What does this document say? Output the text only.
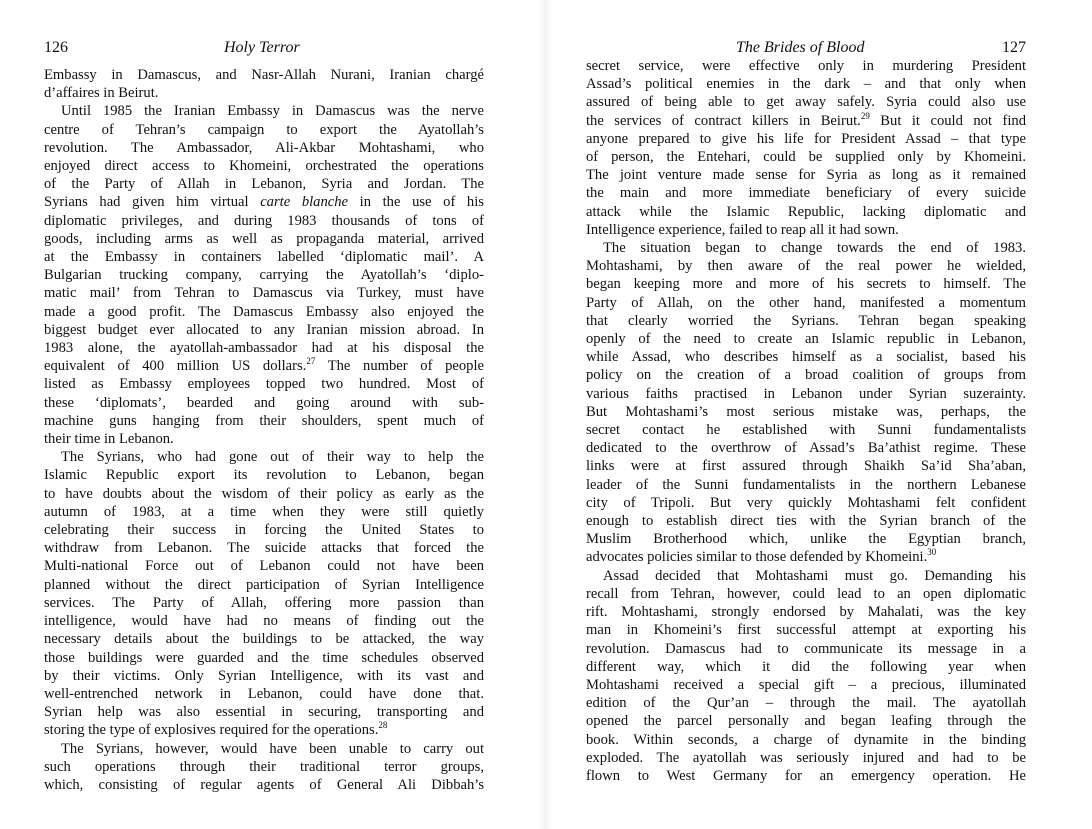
126	Holy Terror

Embassy in Damascus, and Nasr-Allah Nurani, Iranian chargé
d’affaires in Beirut.

Until 1985 the Iranian Embassy in Damascus was the nerve
centre of Tehran’s campaign to export the Ayatollah’s
revolution. The Ambassador, Ali-Akbar Mohtashami, who
enjoyed direct access to Khomeini, orchestrated the operations
of the Party of Allah in Lebanon, Syria and Jordan. The
Syrians had given him virtual carte blanche in the use of his
diplomatic privileges, and during 1983 thousands of tons of
goods, including arms as well as propaganda material, arrived
at the Embassy in containers labelled ‘diplomatic mail’. A
Bulgarian trucking company, carrying the Ayatollah’s ‘diplo-
matic mail’ from Tehran to Damascus via Turkey, must have
made a good profit. The Damascus Embassy also enjoyed the
biggest budget ever allocated to any Iranian mission abroad. In
1983 alone, the ayatollah-ambassador had at his disposal the
equivalent of 400 million US dollars.$^{27}$ The number of people
listed as Embassy employees topped two hundred. Most of
these ‘diplomats’, bearded and going around with sub-
machine guns hanging from their shoulders, spent much of
their time in Lebanon.

The Syrians, who had gone out of their way to help the
Islamic Republic export its revolution to Lebanon, began
to have doubts about the wisdom of their policy as early as the
autumn of 1983, at a time when they were still quietly
celebrating their success in forcing the United States to
withdraw from Lebanon. The suicide attacks that forced the
Multi-national Force out of Lebanon could not have been
planned without the direct participation of Syrian Intelligence
services. The Party of Allah, offering more passion than
intelligence, would have had no means of finding out the
necessary details about the buildings to be attacked, the way
those buildings were guarded and the time schedules observed
by their victims. Only Syrian Intelligence, with its vast and
well-entrenched network in Lebanon, could have done that.
Syrian help was also essential in securing, transporting and
storing the type of explosives required for the operations.$^{28}$

The Syrians, however, would have been unable to carry out
such operations through their traditional terror groups,
which, consisting of regular agents of General Ali Dibbah’s

The Brides of Blood	127

secret service, were effective only in murdering President
Assad’s political enemies in the dark – and that only when
assured of being able to get away safely. Syria could also use
the services of contract killers in Beirut.$^{29}$ But it could not find
anyone prepared to give his life for President Assad – that type
of person, the Entehari, could be supplied only by Khomeini.
The joint venture made sense for Syria as long as it remained
the main and more immediate beneficiary of every suicide
attack while the Islamic Republic, lacking diplomatic and
Intelligence experience, failed to reap all it had sown.

The situation began to change towards the end of 1983.
Mohtashami, by then aware of the real power he wielded,
began keeping more and more of his secrets to himself. The
Party of Allah, on the other hand, manifested a momentum
that clearly worried the Syrians. Tehran began speaking
openly of the need to create an Islamic republic in Lebanon,
while Assad, who describes himself as a socialist, based his
policy on the creation of a broad coalition of groups from
various faiths practised in Lebanon under Syrian suzerainty.
But Mohtashami’s most serious mistake was, perhaps, the
secret contact he established with Sunni fundamentalists
dedicated to the overthrow of Assad’s Ba’athist regime. These
links were at first assured through Shaikh Sa’id Sha’aban,
leader of the Sunni fundamentalists in the northern Lebanese
city of Tripoli. But very quickly Mohtashami felt confident
enough to establish direct ties with the Syrian branch of the
Muslim Brotherhood which, unlike the Egyptian branch,
advocates policies similar to those defended by Khomeini.$^{30}$

Assad decided that Mohtashami must go. Demanding his
recall from Tehran, however, could lead to an open diplomatic
rift. Mohtashami, strongly endorsed by Mahalati, was the key
man in Khomeini’s first successful attempt at exporting his
revolution. Damascus had to communicate its message in a
different way, which it did the following year when
Mohtashami received a special gift – a precious, illuminated
edition of the Qur’an – through the mail. The ayatollah
opened the parcel personally and began leafing through the
book. Within seconds, a charge of dynamite in the binding
exploded. The ayatollah was seriously injured and had to be
flown to West Germany for an emergency operation. He
